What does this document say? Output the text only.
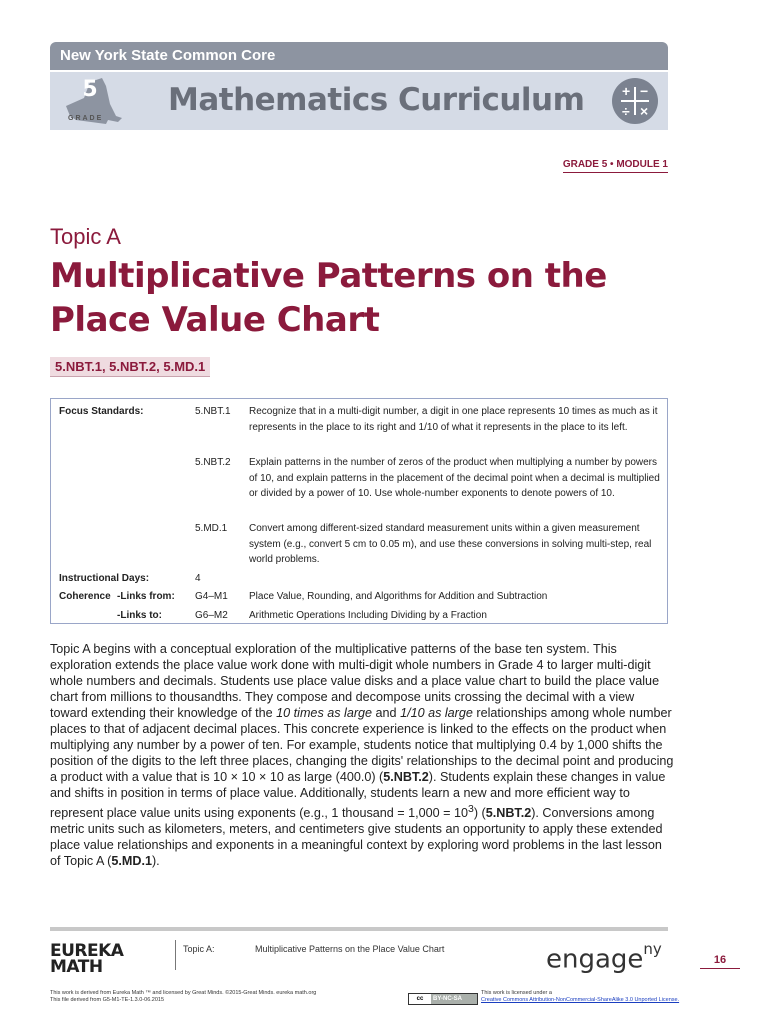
New York State Common Core
5
GRADE
Mathematics Curriculum	+ −
÷ ×
GRADE 5 • MODULE 1
Topic A
Multiplicative Patterns on the Place Value Chart
5.NBT.1, 5.NBT.2, 5.MD.1
Focus Standards:	5.NBT.1 Recognize that in a multi-digit number, a digit in one place represents 10 times as much as it represents in the place to its right and 1/10 of what it represents in the place to its left.
5.NBT.2 Explain patterns in the number of zeros of the product when multiplying a number by powers of 10, and explain patterns in the placement of the decimal point when a decimal is multiplied or divided by a power of 10. Use whole-number exponents to denote powers of 10.
5.MD.1 Convert among different-sized standard measurement units within a given measurement system (e.g., convert 5 cm to 0.05 m), and use these conversions in solving multi-step, real world problems.
Instructional Days:	4
Coherence -Links from: G4–M1 Place Value, Rounding, and Algorithms for Addition and Subtraction
-Links to:	G6–M2 Arithmetic Operations Including Dividing by a Fraction
Topic A begins with a conceptual exploration of the multiplicative patterns of the base ten system. This exploration extends the place value work done with multi-digit whole numbers in Grade 4 to larger multi-digit whole numbers and decimals. Students use place value disks and a place value chart to build the place value chart from millions to thousandths. They compose and decompose units crossing the decimal with a view toward extending their knowledge of the 10 times as large and 1/10 as large relationships among whole number places to that of adjacent decimal places. This concrete experience is linked to the effects on the product when multiplying any number by a power of ten. For example, students notice that multiplying 0.4 by 1,000 shifts the position of the digits to the left three places, changing the digits' relationships to the decimal point and producing a product with a value that is 10 × 10 × 10 as large (400.0) (5.NBT.2). Students explain these changes in value and shifts in position in terms of place value. Additionally, students learn a new and more efficient way to represent place value units using exponents (e.g., 1 thousand = $1,000 = 10^3$) (5.NBT.2). Conversions among metric units such as kilometers, meters, and centimeters give students an opportunity to apply these extended place value relationships and exponents in a meaningful context by exploring word problems in the last lesson of Topic A (5.MD.1).
EUREKA
MATH
Topic A:	Multiplicative Patterns on the Place Value Chart	engage$^{ny}$
16
This work is derived from Eureka Math ™ and licensed by Great Minds. ©2015-Great Minds. eureka math.org
This file derived from G5-M1-TE-1.3.0-06.2015	cc	BY-NC-SA
This work is licensed under a
Creative Commons Attribution-NonCommercial-ShareAlike 3.0 Unported License.
